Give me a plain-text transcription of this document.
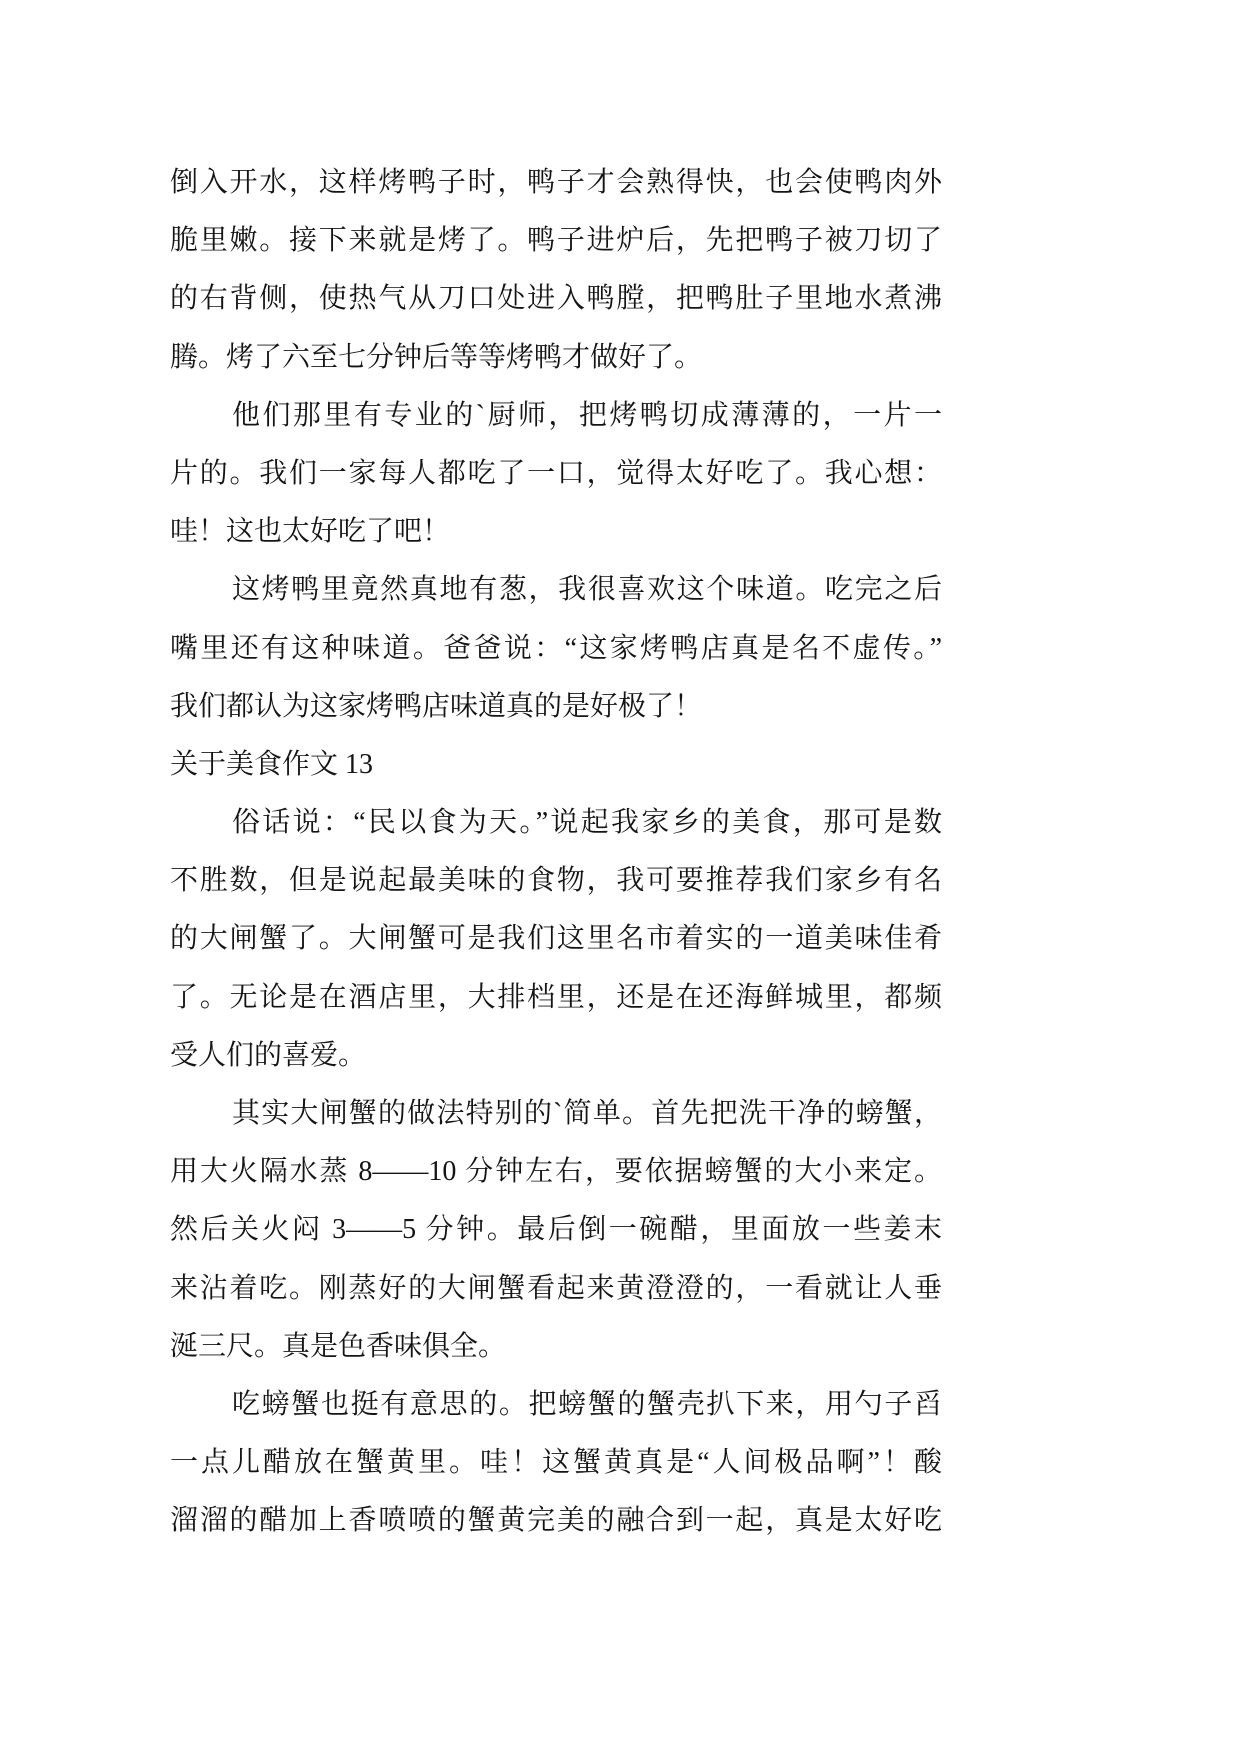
倒入开水，这样烤鸭子时，鸭子才会熟得快，也会使鸭肉外
脆里嫩。接下来就是烤了。鸭子进炉后，先把鸭子被刀切了
的右背侧，使热气从刀口处进入鸭膛，把鸭肚子里地水煮沸
腾。烤了六至七分钟后等等烤鸭才做好了。
他们那里有专业的`厨师，把烤鸭切成薄薄的，一片一
片的。我们一家每人都吃了一口，觉得太好吃了。我心想：
哇！这也太好吃了吧！
这烤鸭里竟然真地有葱，我很喜欢这个味道。吃完之后
嘴里还有这种味道。爸爸说：“这家烤鸭店真是名不虚传。”
我们都认为这家烤鸭店味道真的是好极了！
关于美食作文 13
俗话说：“民以食为天。”说起我家乡的美食，那可是数
不胜数，但是说起最美味的食物，我可要推荐我们家乡有名
的大闸蟹了。大闸蟹可是我们这里名市着实的一道美味佳肴
了。无论是在酒店里，大排档里，还是在还海鲜城里，都频
受人们的喜爱。
其实大闸蟹的做法特别的`简单。首先把洗干净的螃蟹，
用大火隔水蒸 8——10 分钟左右，要依据螃蟹的大小来定。
然后关火闷 3——5 分钟。最后倒一碗醋，里面放一些姜末
来沾着吃。刚蒸好的大闸蟹看起来黄澄澄的，一看就让人垂
涎三尺。真是色香味俱全。
吃螃蟹也挺有意思的。把螃蟹的蟹壳扒下来，用勺子舀
一点儿醋放在蟹黄里。哇！这蟹黄真是“人间极品啊”！酸
溜溜的醋加上香喷喷的蟹黄完美的融合到一起，真是太好吃
